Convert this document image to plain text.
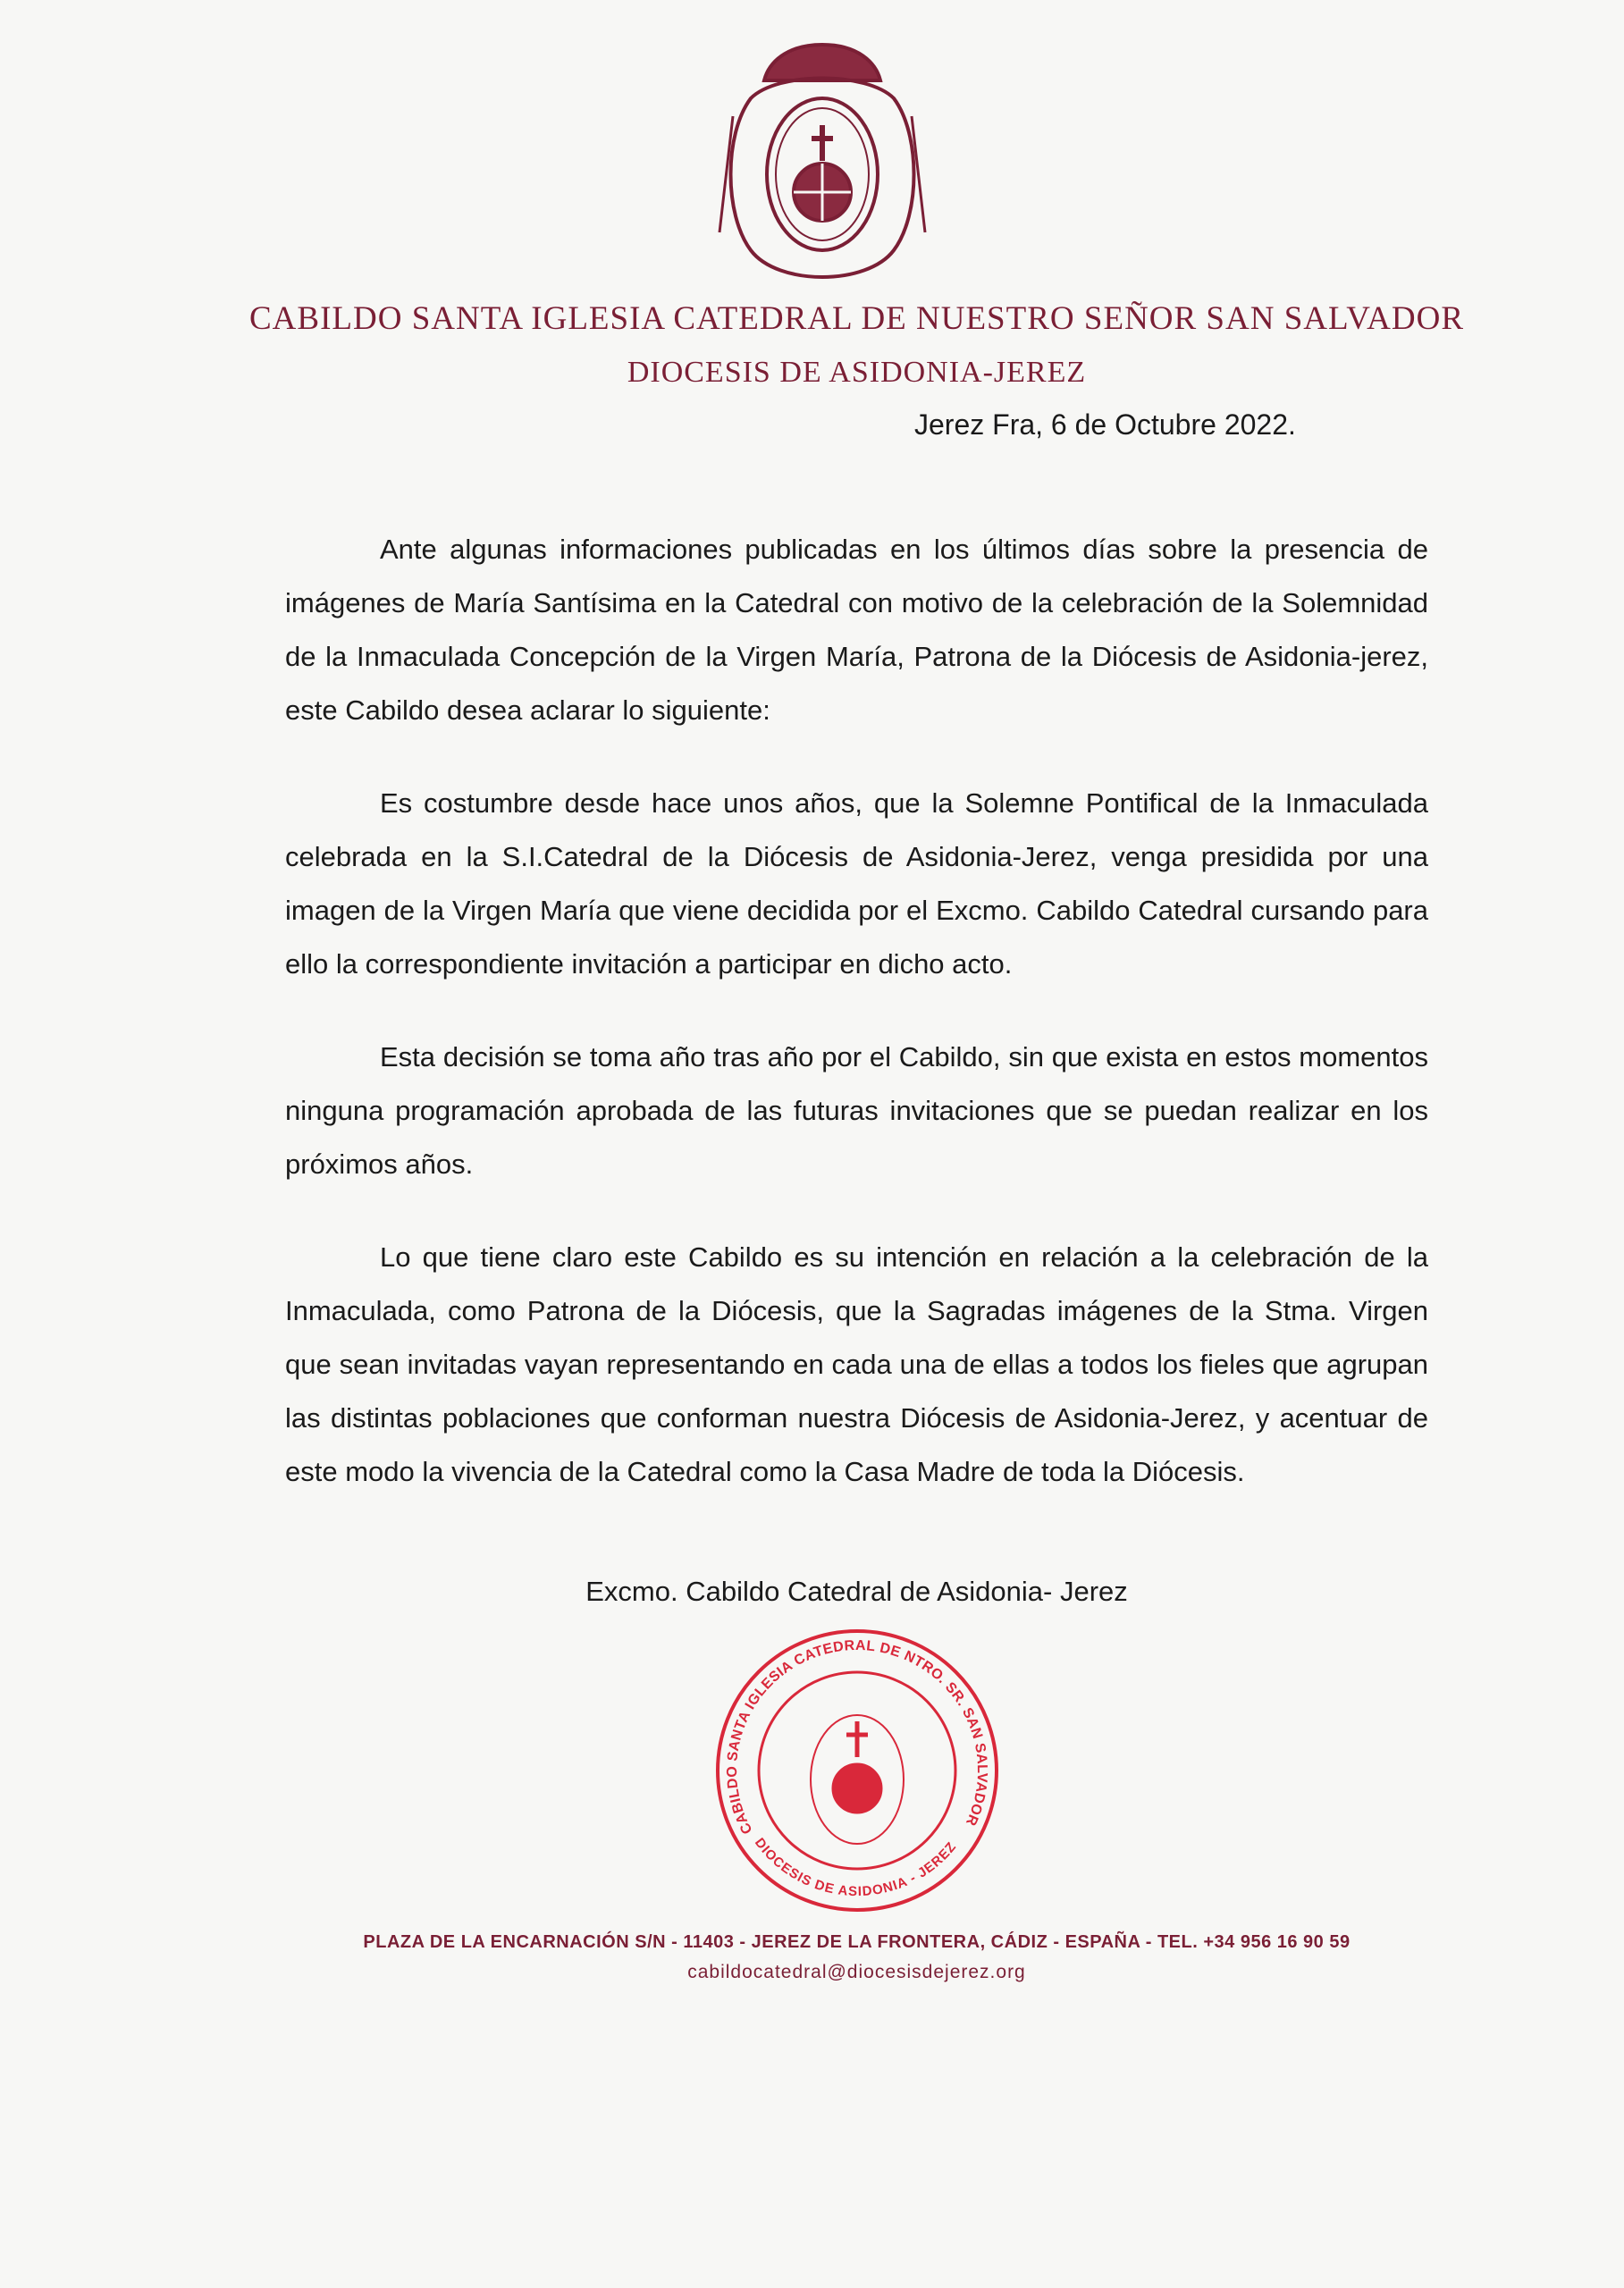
CABILDO SANTA IGLESIA CATEDRAL DE NUESTRO SEÑOR SAN SALVADOR
DIOCESIS DE ASIDONIA-JEREZ
Jerez Fra, 6 de Octubre 2022.

Ante algunas informaciones publicadas en los últimos días sobre la presencia de imágenes de María Santísima en la Catedral con motivo de la celebración de la Solemnidad de la Inmaculada Concepción de la Virgen María, Patrona de la Diócesis de Asidonia-jerez, este Cabildo desea aclarar lo siguiente:

Es costumbre desde hace unos años, que la Solemne Pontifical de la Inmaculada celebrada en la S.I.Catedral de la Diócesis de Asidonia-Jerez, venga presidida por una imagen de la Virgen María que viene decidida por el Excmo. Cabildo Catedral cursando para ello la correspondiente invitación a participar en dicho acto.

Esta decisión se toma año tras año por el Cabildo, sin que exista en estos momentos ninguna programación aprobada de las futuras invitaciones que se puedan realizar en los próximos años.

Lo que tiene claro este Cabildo es su intención en relación a la celebración de la Inmaculada, como Patrona de la Diócesis, que la Sagradas imágenes de la Stma. Virgen que sean invitadas vayan representando en cada una de ellas a todos los fieles que agrupan las distintas poblaciones que conforman nuestra Diócesis de Asidonia-Jerez, y acentuar de este modo la vivencia de la Catedral como la Casa Madre de toda la Diócesis.

Excmo. Cabildo Catedral de Asidonia- Jerez
CABILDO SANTA IGLESIA CATEDRAL DE NTRO. SR. SAN SALVADOR
DIOCESIS DE ASIDONIA - JEREZ
PLAZA DE LA ENCARNACIÓN S/N - 11403 - JEREZ DE LA FRONTERA, CÁDIZ - ESPAÑA - TEL. +34 956 16 90 59
cabildocatedral@diocesisdejerez.org
